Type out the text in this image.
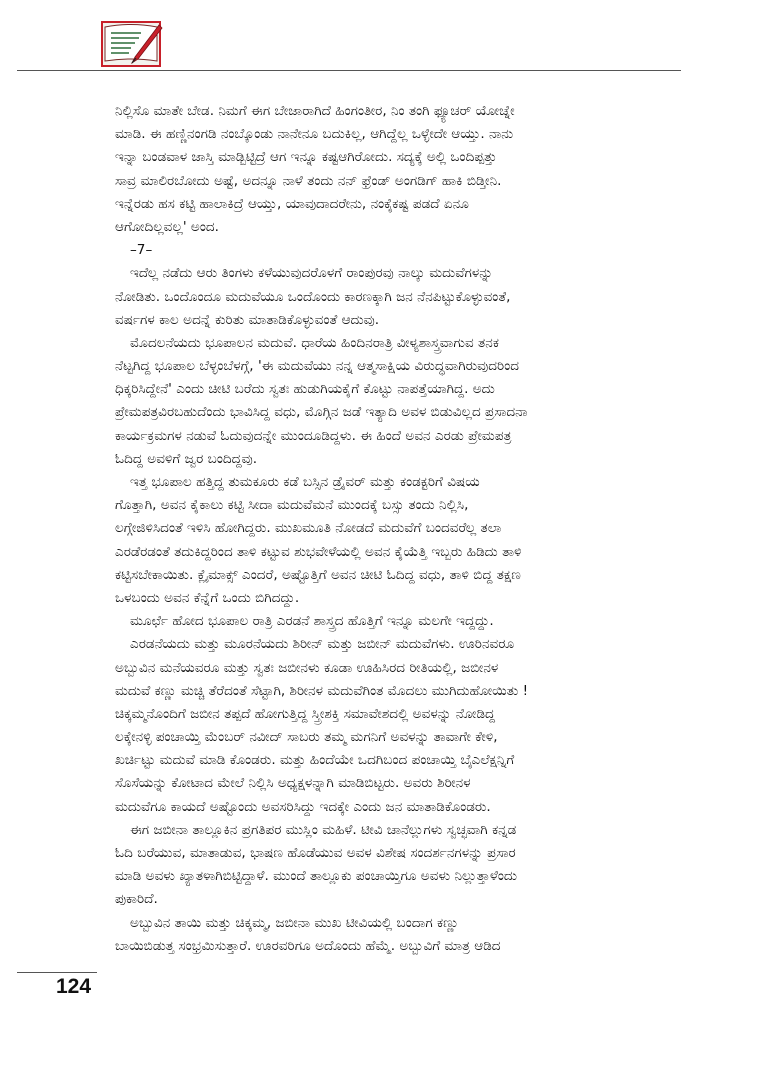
ನಿಲ್ಲಿಸೊ ಮಾತೇ ಬೇಡ. ನಿಮಗೆ ಈಗ ಬೇಜಾರಾಗಿದೆ ಹಿಂಗಂತೀರ, ನಿಂ ತಂಗಿ ಫ್ಯೂಚರ್ ಯೋಚ್ನೇ
ಮಾಡಿ. ಈ ಹಣ್ಣಿನಂಗಡಿ ನಂಬ್ಕೊಂಡು ನಾನೇನೂ ಬದುಕಿಲ್ಲ, ಆಗಿದ್ದೆಲ್ಲ ಒಳ್ಳೇದೇ ಆಯ್ತು. ನಾನು
ಇನ್ನಾ ಬಂಡವಾಳ ಜಾಸ್ತಿ ಮಾಡ್ಬಿಟ್ಟಿದ್ರೆ ಆಗ ಇನ್ನೂ ಕಷ್ಟಆಗಿರೋದು. ಸದ್ಯಕ್ಕೆ ಅಲ್ಲಿ ಒಂದಿಪ್ಪತ್ತು
ಸಾವ್ರ ಮಾಲಿರಬೋದು ಅಷ್ಟೆ, ಅದನ್ನೂ ನಾಳೆ ತಂದು ನನ್ ಫ್ರೆಂಡ್ ಅಂಗಡಿಗ್ ಹಾಕಿ ಬಿಡ್ತೀನಿ.
ಇನ್ನೆರಡು ಹಸ ಕಟ್ಟಿ ಹಾಲಾಕಿದ್ರೆ ಆಯ್ತು, ಯಾವುದಾದರೇನು, ನಂಕೈಕಷ್ಟ ಪಡದೆ ಏನೂ
ಆಗೋದಿಲ್ಲವಲ್ಲ' ಅಂದ.
–7–
ಇದೆಲ್ಲ ನಡೆದು ಆರು ತಿಂಗಳು ಕಳೆಯುವುದರೊಳಗೆ ರಾಂಪುರವು ನಾಲ್ಕು ಮದುವೆಗಳನ್ನು
ನೋಡಿತು. ಒಂದೊಂದೂ ಮದುವೆಯೂ ಒಂದೊಂದು ಕಾರಣಕ್ಕಾಗಿ ಜನ ನೆನಪಿಟ್ಟುಕೊಳ್ಳುವಂತೆ,
ವರ್ಷಗಳ ಕಾಲ ಅದನ್ನೆ ಕುರಿತು ಮಾತಾಡಿಕೊಳ್ಳುವಂತೆ ಆದುವು.
ಮೊದಲನೆಯದು ಭೂಪಾಲನ ಮದುವೆ. ಧಾರೆಯ ಹಿಂದಿನರಾತ್ರಿ ವೀಳ್ಯಶಾಸ್ತ್ರವಾಗುವ ತನಕ
ನೆಟ್ಟಗಿದ್ದ ಭೂಪಾಲ ಬೆಳ್ಳಂಬೆಳಗ್ಗೆ, 'ಈ ಮದುವೆಯು ನನ್ನ ಆತ್ಮಸಾಕ್ಷಿಯ ವಿರುದ್ಧವಾಗಿರುವುದರಿಂದ
ಧಿಕ್ಕರಿಸಿದ್ದೇನೆ' ಎಂದು ಚೀಟಿ ಬರೆದು ಸ್ವತಃ ಹುಡುಗಿಯಕೈಗೆ ಕೊಟ್ಟು ನಾಪತ್ತೆಯಾಗಿದ್ದ. ಅದು
ಪ್ರೇಮಪತ್ರವಿರಬಹುದೆಂದು ಭಾವಿಸಿದ್ದ ವಧು, ಮೊಗ್ಗಿನ ಜಡೆ ಇತ್ಯಾದಿ ಅವಳ ಬಿಡುವಿಲ್ಲದ ಪ್ರಸಾದನಾ
ಕಾರ್ಯಕ್ರಮಗಳ ನಡುವೆ ಓದುವುದನ್ನೇ ಮುಂದೂಡಿದ್ದಳು. ಈ ಹಿಂದೆ ಅವನ ಎರಡು ಪ್ರೇಮಪತ್ರ
ಓದಿದ್ದ ಅವಳಿಗೆ ಜ್ವರ ಬಂದಿದ್ದವು.
ಇತ್ತ ಭೂಪಾಲ ಹತ್ತಿದ್ದ ತುಮಕೂರು ಕಡೆ ಬಸ್ಸಿನ ಡ್ರೈವರ್ ಮತ್ತು ಕಂಡಕ್ಟರಿಗೆ ವಿಷಯ
ಗೊತ್ತಾಗಿ, ಅವನ ಕೈಕಾಲು ಕಟ್ಟಿ ಸೀದಾ ಮದುವೆಮನೆ ಮುಂದಕ್ಕೆ ಬಸ್ಸು ತಂದು ನಿಲ್ಲಿಸಿ,
ಲಗ್ಗೇಜಿಳಿಸಿದಂತೆ ಇಳಿಸಿ ಹೋಗಿದ್ದರು. ಮುಖಮೂತಿ ನೋಡದೆ ಮದುವೆಗೆ ಬಂದವರೆಲ್ಲ ತಲಾ
ಎರಡೆರಡಂತೆ ತದುಕಿದ್ದರಿಂದ ತಾಳಿ ಕಟ್ಟುವ ಶುಭವೇಳೆಯಲ್ಲಿ ಅವನ ಕೈಯೆತ್ತಿ ಇಬ್ಬರು ಹಿಡಿದು ತಾಳಿ
ಕಟ್ಟಿಸಬೇಕಾಯಿತು. ಕ್ಲೈಮಾಕ್ಸ್ ಎಂದರೆ, ಅಷ್ಟೊತ್ತಿಗೆ ಅವನ ಚೀಟಿ ಓದಿದ್ದ ವಧು, ತಾಳಿ ಬಿದ್ದ ತಕ್ಷಣ
ಒಳಬಂದು ಅವನ ಕೆನ್ನೆಗೆ ಒಂದು ಬಿಗಿದದ್ದು.
ಮೂರ್ಛೆ ಹೋದ ಭೂಪಾಲ ರಾತ್ರಿ ಎರಡನೆ ಶಾಸ್ತ್ರದ ಹೊತ್ತಿಗೆ ಇನ್ನೂ ಮಲಗೇ ಇದ್ದದ್ದು.
ಎರಡನೆಯದು ಮತ್ತು ಮೂರನೆಯದು ಶಿರೀನ್ ಮತ್ತು ಜಬೀನ್ ಮದುವೆಗಳು. ಊರಿನವರೂ
ಅಬ್ಬುವಿನ ಮನೆಯವರೂ ಮತ್ತು ಸ್ವತಃ ಜಬೀನಳು ಕೂಡಾ ಊಹಿಸಿರದ ರೀತಿಯಲ್ಲಿ, ಜಬೀನಳ
ಮದುವೆ ಕಣ್ಣು ಮಚ್ಚಿ ತೆರೆದಂತೆ ಸೆಟ್ಟಾಗಿ, ಶಿರೀನಳ ಮದುವೆಗಿಂತ ಮೊದಲು ಮುಗಿದುಹೋಯಿತು !
ಚಿಕ್ಕಮ್ಮನೊಂದಿಗೆ ಜಬೀನ ತಪ್ಪದೆ ಹೋಗುತ್ತಿದ್ದ ಸ್ತ್ರೀಶಕ್ತಿ ಸಮಾವೇಶದಲ್ಲಿ ಅವಳನ್ನು ನೋಡಿದ್ದ
ಲಕ್ಕೇನಳ್ಳಿ ಪಂಚಾಯ್ತಿ ಮೆಂಬರ್ ನವೀದ್ ಸಾಬರು ತಮ್ಮ ಮಗನಿಗೆ ಅವಳನ್ನು ತಾವಾಗೇ ಕೇಳಿ,
ಖರ್ಚಿಟ್ಟು ಮದುವೆ ಮಾಡಿ ಕೊಂಡರು. ಮತ್ತು ಹಿಂದೆಯೇ ಒದಗಿಬಂದ ಪಂಚಾಯ್ತಿ ಬೈಎಲೆಕ್ಷನ್ನಿಗೆ
ಸೊಸೆಯನ್ನು ಕೋಟಾದ ಮೇಲೆ ನಿಲ್ಲಿಸಿ ಅಧ್ಯಕ್ಷಳನ್ನಾಗಿ ಮಾಡಿಬಿಟ್ಟರು. ಅವರು ಶಿರೀನಳ
ಮದುವೆಗೂ ಕಾಯದೆ ಅಷ್ಟೊಂದು ಅವಸರಿಸಿದ್ದು ಇದಕ್ಕೇ ಎಂದು ಜನ ಮಾತಾಡಿಕೊಂಡರು.
ಈಗ ಜಬೀನಾ ತಾಲ್ಲೂಕಿನ ಪ್ರಗತಿಪರ ಮುಸ್ಲಿಂ ಮಹಿಳೆ. ಟೀವಿ ಚಾನೆಲ್ಲುಗಳು ಸ್ವಚ್ಛವಾಗಿ ಕನ್ನಡ
ಓದಿ ಬರೆಯುವ, ಮಾತಾಡುವ, ಭಾಷಣ ಹೊಡೆಯುವ ಅವಳ ವಿಶೇಷ ಸಂದರ್ಶನಗಳನ್ನು ಪ್ರಸಾರ
ಮಾಡಿ ಅವಳು ಖ್ಯಾತಳಾಗಿಬಿಟ್ಟಿದ್ದಾಳೆ. ಮುಂದೆ ತಾಲ್ಲೂಕು ಪಂಚಾಯ್ತಿಗೂ ಅವಳು ನಿಲ್ಲುತ್ತಾಳೆಂದು
ಪುಕಾರಿದೆ.
ಅಬ್ಬುವಿನ ತಾಯಿ ಮತ್ತು ಚಿಕ್ಕಮ್ಮ, ಜಬೀನಾ ಮುಖ ಟೀವಿಯಲ್ಲಿ ಬಂದಾಗ ಕಣ್ಣು
ಬಾಯಿಬಿಡುತ್ತ ಸಂಭ್ರಮಿಸುತ್ತಾರೆ. ಊರವರಿಗೂ ಅದೊಂದು ಹೆಮ್ಮೆ. ಅಬ್ಬುವಿಗೆ ಮಾತ್ರ ಆಡಿದ
124
